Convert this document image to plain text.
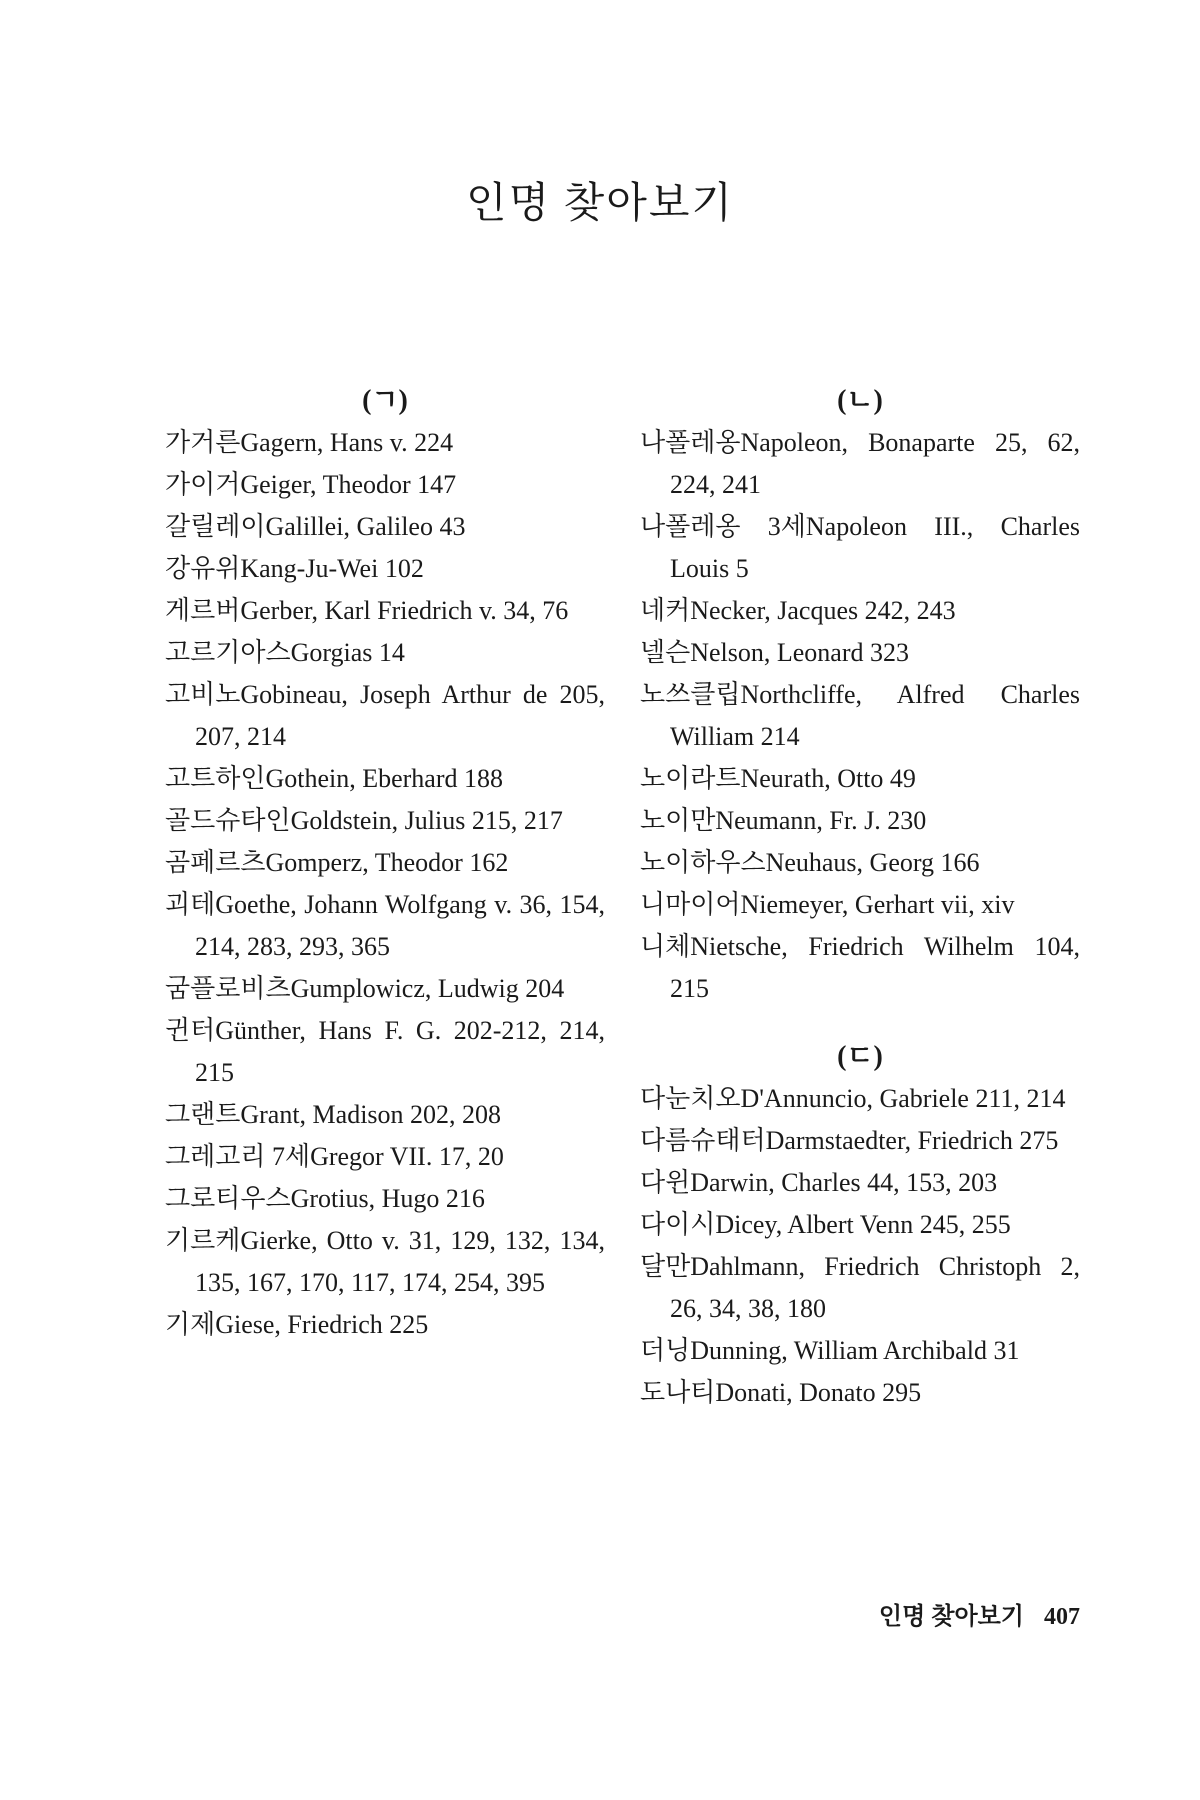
인명 찾아보기
(ㄱ)
가거른Gagern, Hans v. 224
가이거Geiger, Theodor 147
갈릴레이Galillei, Galileo 43
강유위Kang-Ju-Wei 102
게르버Gerber, Karl Friedrich v. 34, 76
고르기아스Gorgias 14
고비노Gobineau, Joseph Arthur de 205, 207, 214
고트하인Gothein, Eberhard 188
골드슈타인Goldstein, Julius 215, 217
곰페르츠Gomperz, Theodor 162
괴테Goethe, Johann Wolfgang v. 36, 154, 214, 283, 293, 365
굼플로비츠Gumplowicz, Ludwig 204
귄터Günther, Hans F. G. 202-212, 214, 215
그랜트Grant, Madison 202, 208
그레고리 7세Gregor VII. 17, 20
그로티우스Grotius, Hugo 216
기르케Gierke, Otto v. 31, 129, 132, 134, 135, 167, 170, 117, 174, 254, 395
기제Giese, Friedrich 225
(ㄴ)
나폴레옹Napoleon, Bonaparte 25, 62, 224, 241
나폴레옹 3세Napoleon III., Charles Louis 5
네커Necker, Jacques 242, 243
넬슨Nelson, Leonard 323
노쓰클립Northcliffe, Alfred Charles William 214
노이라트Neurath, Otto 49
노이만Neumann, Fr. J. 230
노이하우스Neuhaus, Georg 166
니마이어Niemeyer, Gerhart vii, xiv
니체Nietsche, Friedrich Wilhelm 104, 215
(ㄷ)
다눈치오D'Annuncio, Gabriele 211, 214
다름슈태터Darmstaedter, Friedrich 275
다윈Darwin, Charles 44, 153, 203
다이시Dicey, Albert Venn 245, 255
달만Dahlmann, Friedrich Christoph 2, 26, 34, 38, 180
더닝Dunning, William Archibald 31
도나티Donati, Donato 295
인명 찾아보기 407
